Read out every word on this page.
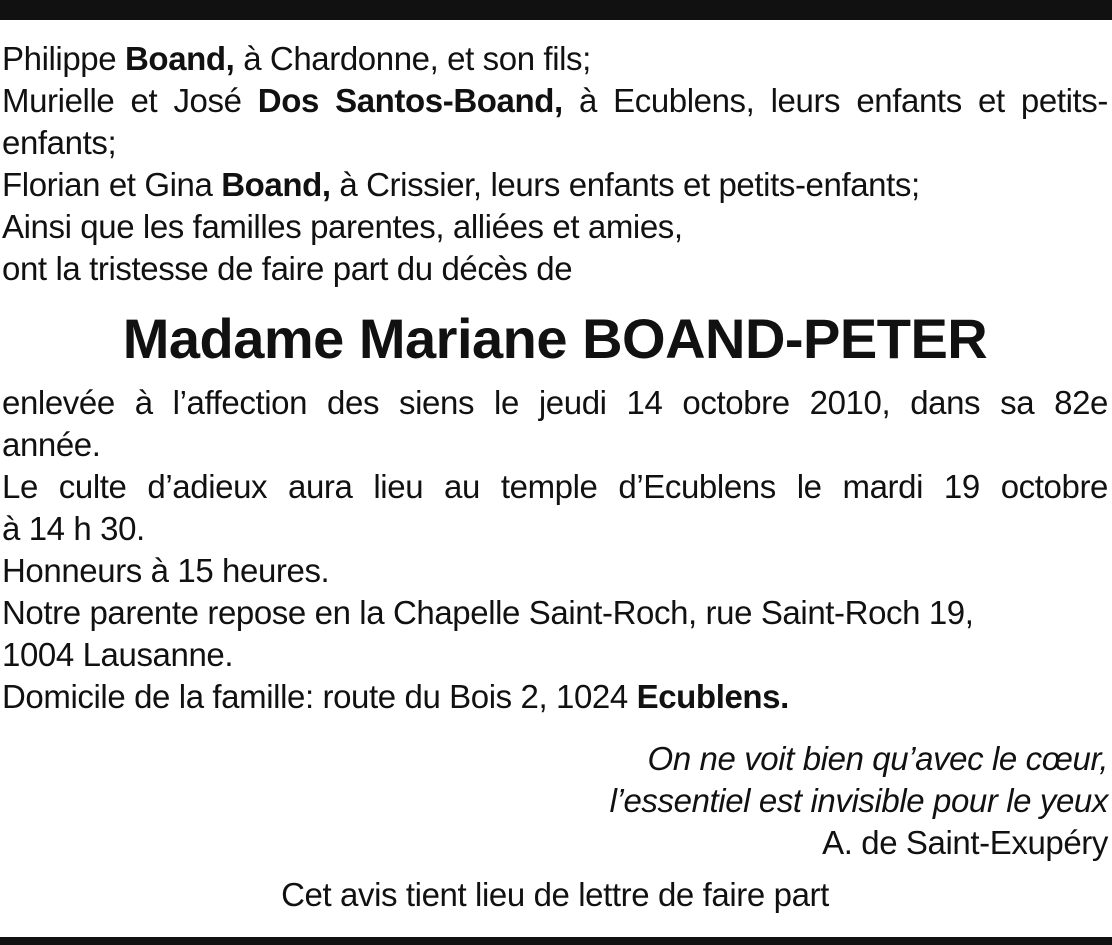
Philippe Boand, à Chardonne, et son fils;

Murielle et José Dos Santos-Boand, à Ecublens, leurs enfants et petits-

enfants;

Florian et Gina Boand, à Crissier, leurs enfants et petits-enfants;

Ainsi que les familles parentes, alliées et amies,

ont la tristesse de faire part du décès de

Madame Mariane BOAND-PETER

enlevée à l’affection des siens le jeudi 14 octobre 2010, dans sa 82e

année.

Le culte d’adieux aura lieu au temple d’Ecublens le mardi 19 octobre

à 14 h 30.

Honneurs à 15 heures.

Notre parente repose en la Chapelle Saint-Roch, rue Saint-Roch 19,

1004 Lausanne.

Domicile de la famille: route du Bois 2, 1024 Ecublens.

On ne voit bien qu’avec le cœur,
l’essentiel est invisible pour le yeux
A. de Saint-Exupéry
Cet avis tient lieu de lettre de faire part
